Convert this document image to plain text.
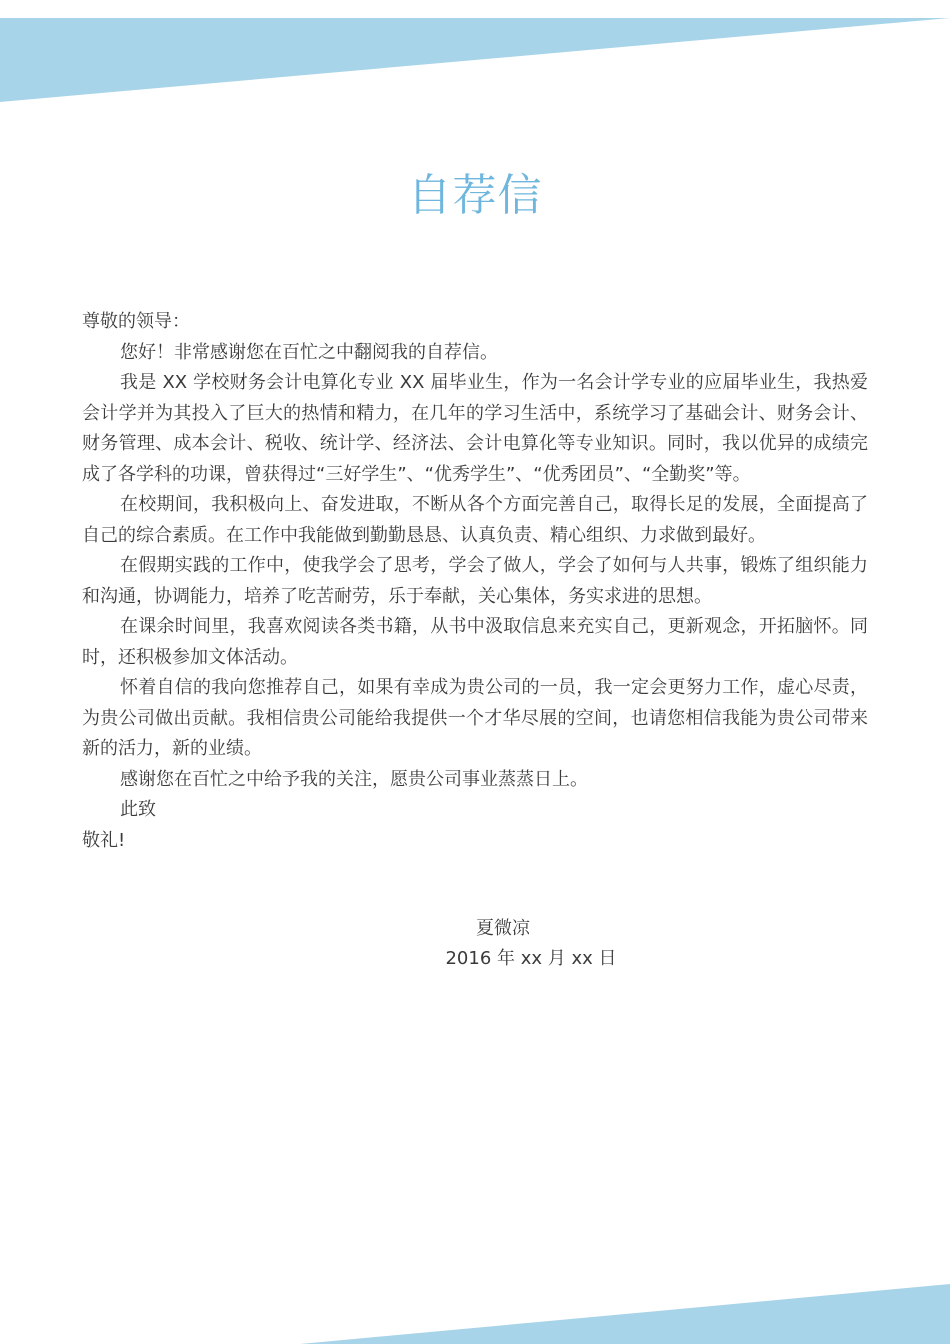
自荐信

尊敬的领导：

您好！非常感谢您在百忙之中翻阅我的自荐信。

我是 XX 学校财务会计电算化专业 XX 届毕业生，作为一名会计学专业的应届毕业生，我热爱会计学并为其投入了巨大的热情和精力，在几年的学习生活中，系统学习了基础会计、财务会计、财务管理、成本会计、税收、统计学、经济法、会计电算化等专业知识。同时，我以优异的成绩完成了各学科的功课，曾获得过“三好学生”、“优秀学生”、“优秀团员”、“全勤奖”等。

在校期间，我积极向上、奋发进取，不断从各个方面完善自己，取得长足的发展，全面提高了自己的综合素质。在工作中我能做到勤勤恳恳、认真负责、精心组织、力求做到最好。

在假期实践的工作中，使我学会了思考，学会了做人，学会了如何与人共事，锻炼了组织能力和沟通，协调能力，培养了吃苦耐劳，乐于奉献，关心集体，务实求进的思想。

在课余时间里，我喜欢阅读各类书籍，从书中汲取信息来充实自己，更新观念，开拓脑怀。同时，还积极参加文体活动。

怀着自信的我向您推荐自己，如果有幸成为贵公司的一员，我一定会更努力工作，虚心尽责，为贵公司做出贡献。我相信贵公司能给我提供一个才华尽展的空间，也请您相信我能为贵公司带来新的活力，新的业绩。

感谢您在百忙之中给予我的关注，愿贵公司事业蒸蒸日上。

此致

敬礼!

夏微凉
2016 年 xx 月 xx 日
